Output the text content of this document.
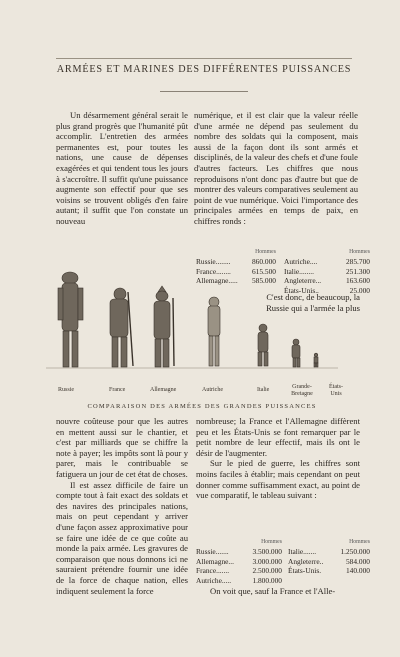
ARMÉES ET MARINES DES DIFFÉRENTES PUISSANCES

Un désarmement général serait le plus grand progrès que l'humanité pût accomplir. L'entretien des armées permanentes est, pour toutes les nations, une cause de dépenses exagérées et qui tendent tous les jours à s'accroître. Il suffit qu'une puissance augmente son effectif pour que ses voisins se trouvent obligés d'en faire autant; il suffit que l'on constate un nouveau

numérique, et il est clair que la valeur réelle d'une armée ne dépend pas seulement du nombre des soldats qui la composent, mais aussi de la façon dont ils sont armés et disciplinés, de la valeur des chefs et d'une foule d'autres facteurs. Les chiffres que nous reproduisons n'ont donc pas d'autre but que de montrer des valeurs comparatives seulement au point de vue numérique. Voici l'importance des principales armées en temps de paix, en chiffres ronds :

Hommes
Russie........	860.000
France........	615.500
Allemagne..... 585.000
Hommes
Autriche....	285.700
Italie........	251.300
Angleterre...	163.600
États-Unis..	25.000
C'est donc, de beaucoup, la Russie qui a l'armée la plus
Russie	France	Allemagne	Autriche	Italie	Grande-Bretagne
États-Unis
COMPARAISON DES ARMÉES DES GRANDES PUISSANCES

nouvre coûteuse pour que les autres en mettent aussi sur le chantier, et c'est par milliards que se chiffre la note à payer; les impôts sont là pour y parer, mais le contribuable se fatiguera un jour de cet état de choses.

Il est assez difficile de faire un compte tout à fait exact des soldats et des navires des principales nations, mais on peut cependant y arriver d'une façon assez approximative pour se faire une idée de ce que coûte au monde la paix armée. Les gravures de comparaison que nous donnons ici ne sauraient prétendre fournir une idée de la force de chaque nation, elles indiquent seulement la force

nombreuse; la France et l'Allemagne diffèrent peu et les États-Unis se font remarquer par le petit nombre de leur effectif, mais ils ont le désir de l'augmenter.

Sur le pied de guerre, les chiffres sont moins faciles à établir; mais cependant on peut donner comme suffisamment exact, au point de vue comparatif, le tableau suivant :

Hommes
Russie.......	3.500.000
Allemagne... 3.000.000
France.......	2.500.000
Autriche.....	1.800.000
Hommes
Italie.......	1.250.000
Angleterre..	584.000
États-Unis.	140.000

On voit que, sauf la France et l'Alle-
